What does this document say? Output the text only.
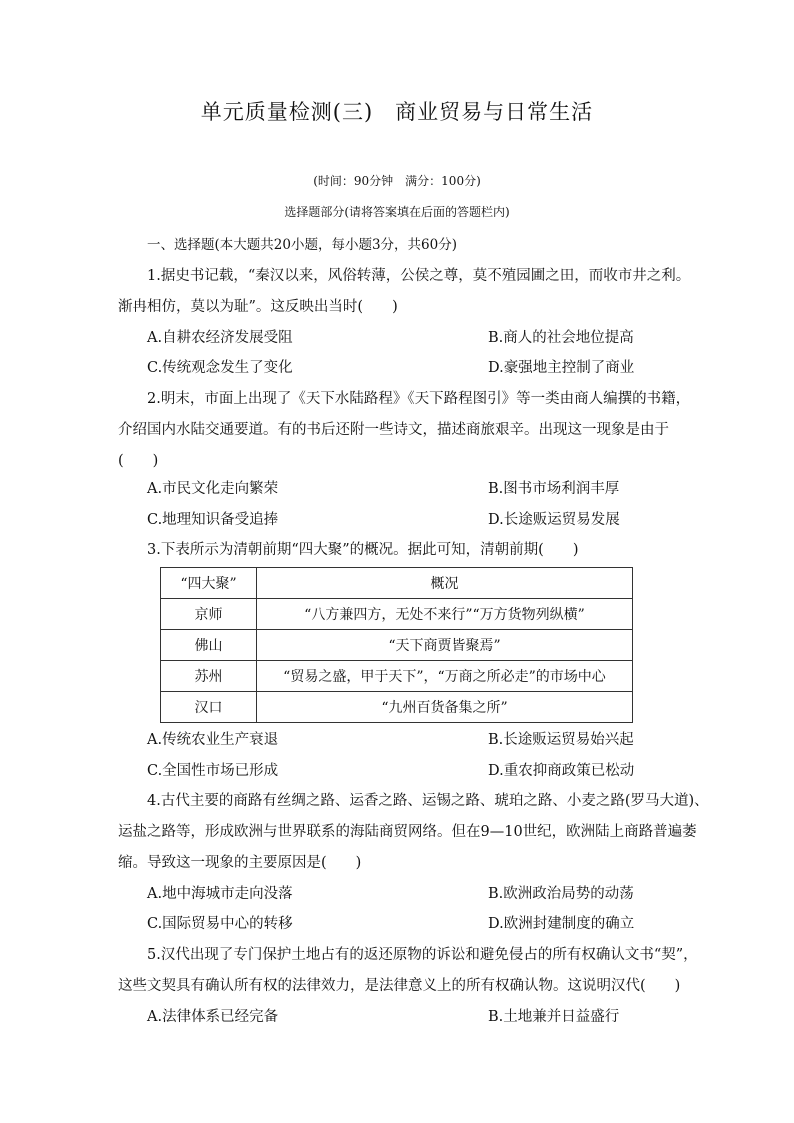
单元质量检测(三)　商业贸易与日常生活
(时间：90分钟　满分：100分)
选择题部分(请将答案填在后面的答题栏内)
一、选择题(本大题共20小题，每小题3分，共60分)
1.据史书记载，“秦汉以来，风俗转薄，公侯之尊，莫不殖园圃之田，而收市井之利。
渐冉相仿，莫以为耻”。这反映出当时(　　)
A.自耕农经济发展受阻	B.商人的社会地位提高
C.传统观念发生了变化	D.豪强地主控制了商业
2.明末，市面上出现了《天下水陆路程》《天下路程图引》等一类由商人编撰的书籍，
介绍国内水陆交通要道。有的书后还附一些诗文，描述商旅艰辛。出现这一现象是由于
(　　)
A.市民文化走向繁荣	B.图书市场利润丰厚
C.地理知识备受追捧	D.长途贩运贸易发展
3.下表所示为清朝前期“四大聚”的概况。据此可知，清朝前期(　　)
“四大聚”	概况
京师	“八方兼四方，无处不来行”“万方货物列纵横”
佛山	“天下商贾皆聚焉”
苏州	“贸易之盛，甲于天下”，“万商之所必走”的市场中心
汉口	“九州百货备集之所”
A.传统农业生产衰退	B.长途贩运贸易始兴起
C.全国性市场已形成	D.重农抑商政策已松动
4.古代主要的商路有丝绸之路、运香之路、运锡之路、琥珀之路、小麦之路(罗马大道)、
运盐之路等，形成欧洲与世界联系的海陆商贸网络。但在9—10世纪，欧洲陆上商路普遍萎
缩。导致这一现象的主要原因是(　　)
A.地中海城市走向没落	B.欧洲政治局势的动荡
C.国际贸易中心的转移	D.欧洲封建制度的确立
5.汉代出现了专门保护土地占有的返还原物的诉讼和避免侵占的所有权确认文书“契”，
这些文契具有确认所有权的法律效力，是法律意义上的所有权确认物。这说明汉代(　　)
A.法律体系已经完备	B.土地兼并日益盛行
